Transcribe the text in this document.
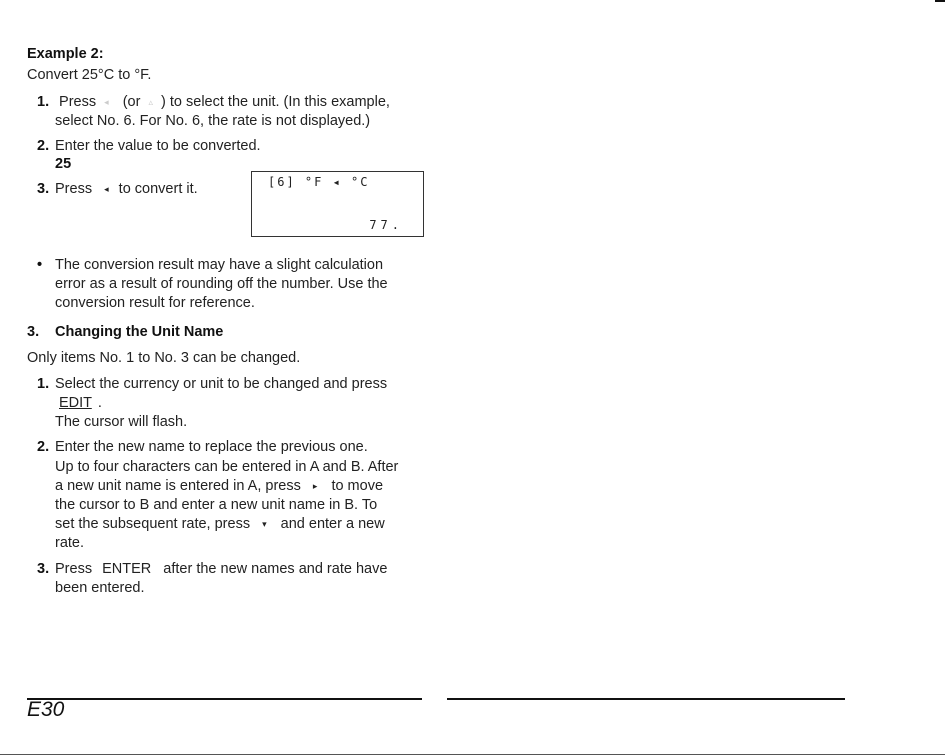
Example 2:
Convert 25°C to °F.
1. Press ◂ (or ▵ ) to select the unit. (In this example,
select No. 6. For No. 6, the rate is not displayed.)
2. Enter the value to be converted.
25
3. Press ◂ to convert it.	[6] °F ◂ °C
77.
• The conversion result may have a slight calculation
error as a result of rounding off the number. Use the
conversion result for reference.
3. Changing the Unit Name
Only items No. 1 to No. 3 can be changed.
1. Select the currency or unit to be changed and press
EDIT .
The cursor will flash.
2. Enter the new name to replace the previous one.
Up to four characters can be entered in A and B. After
a new unit name is entered in A, press ▸ to move
the cursor to B and enter a new unit name in B. To
set the subsequent rate, press ▾ and enter a new
rate.
3. Press ENTER after the new names and rate have
been entered.
E30
